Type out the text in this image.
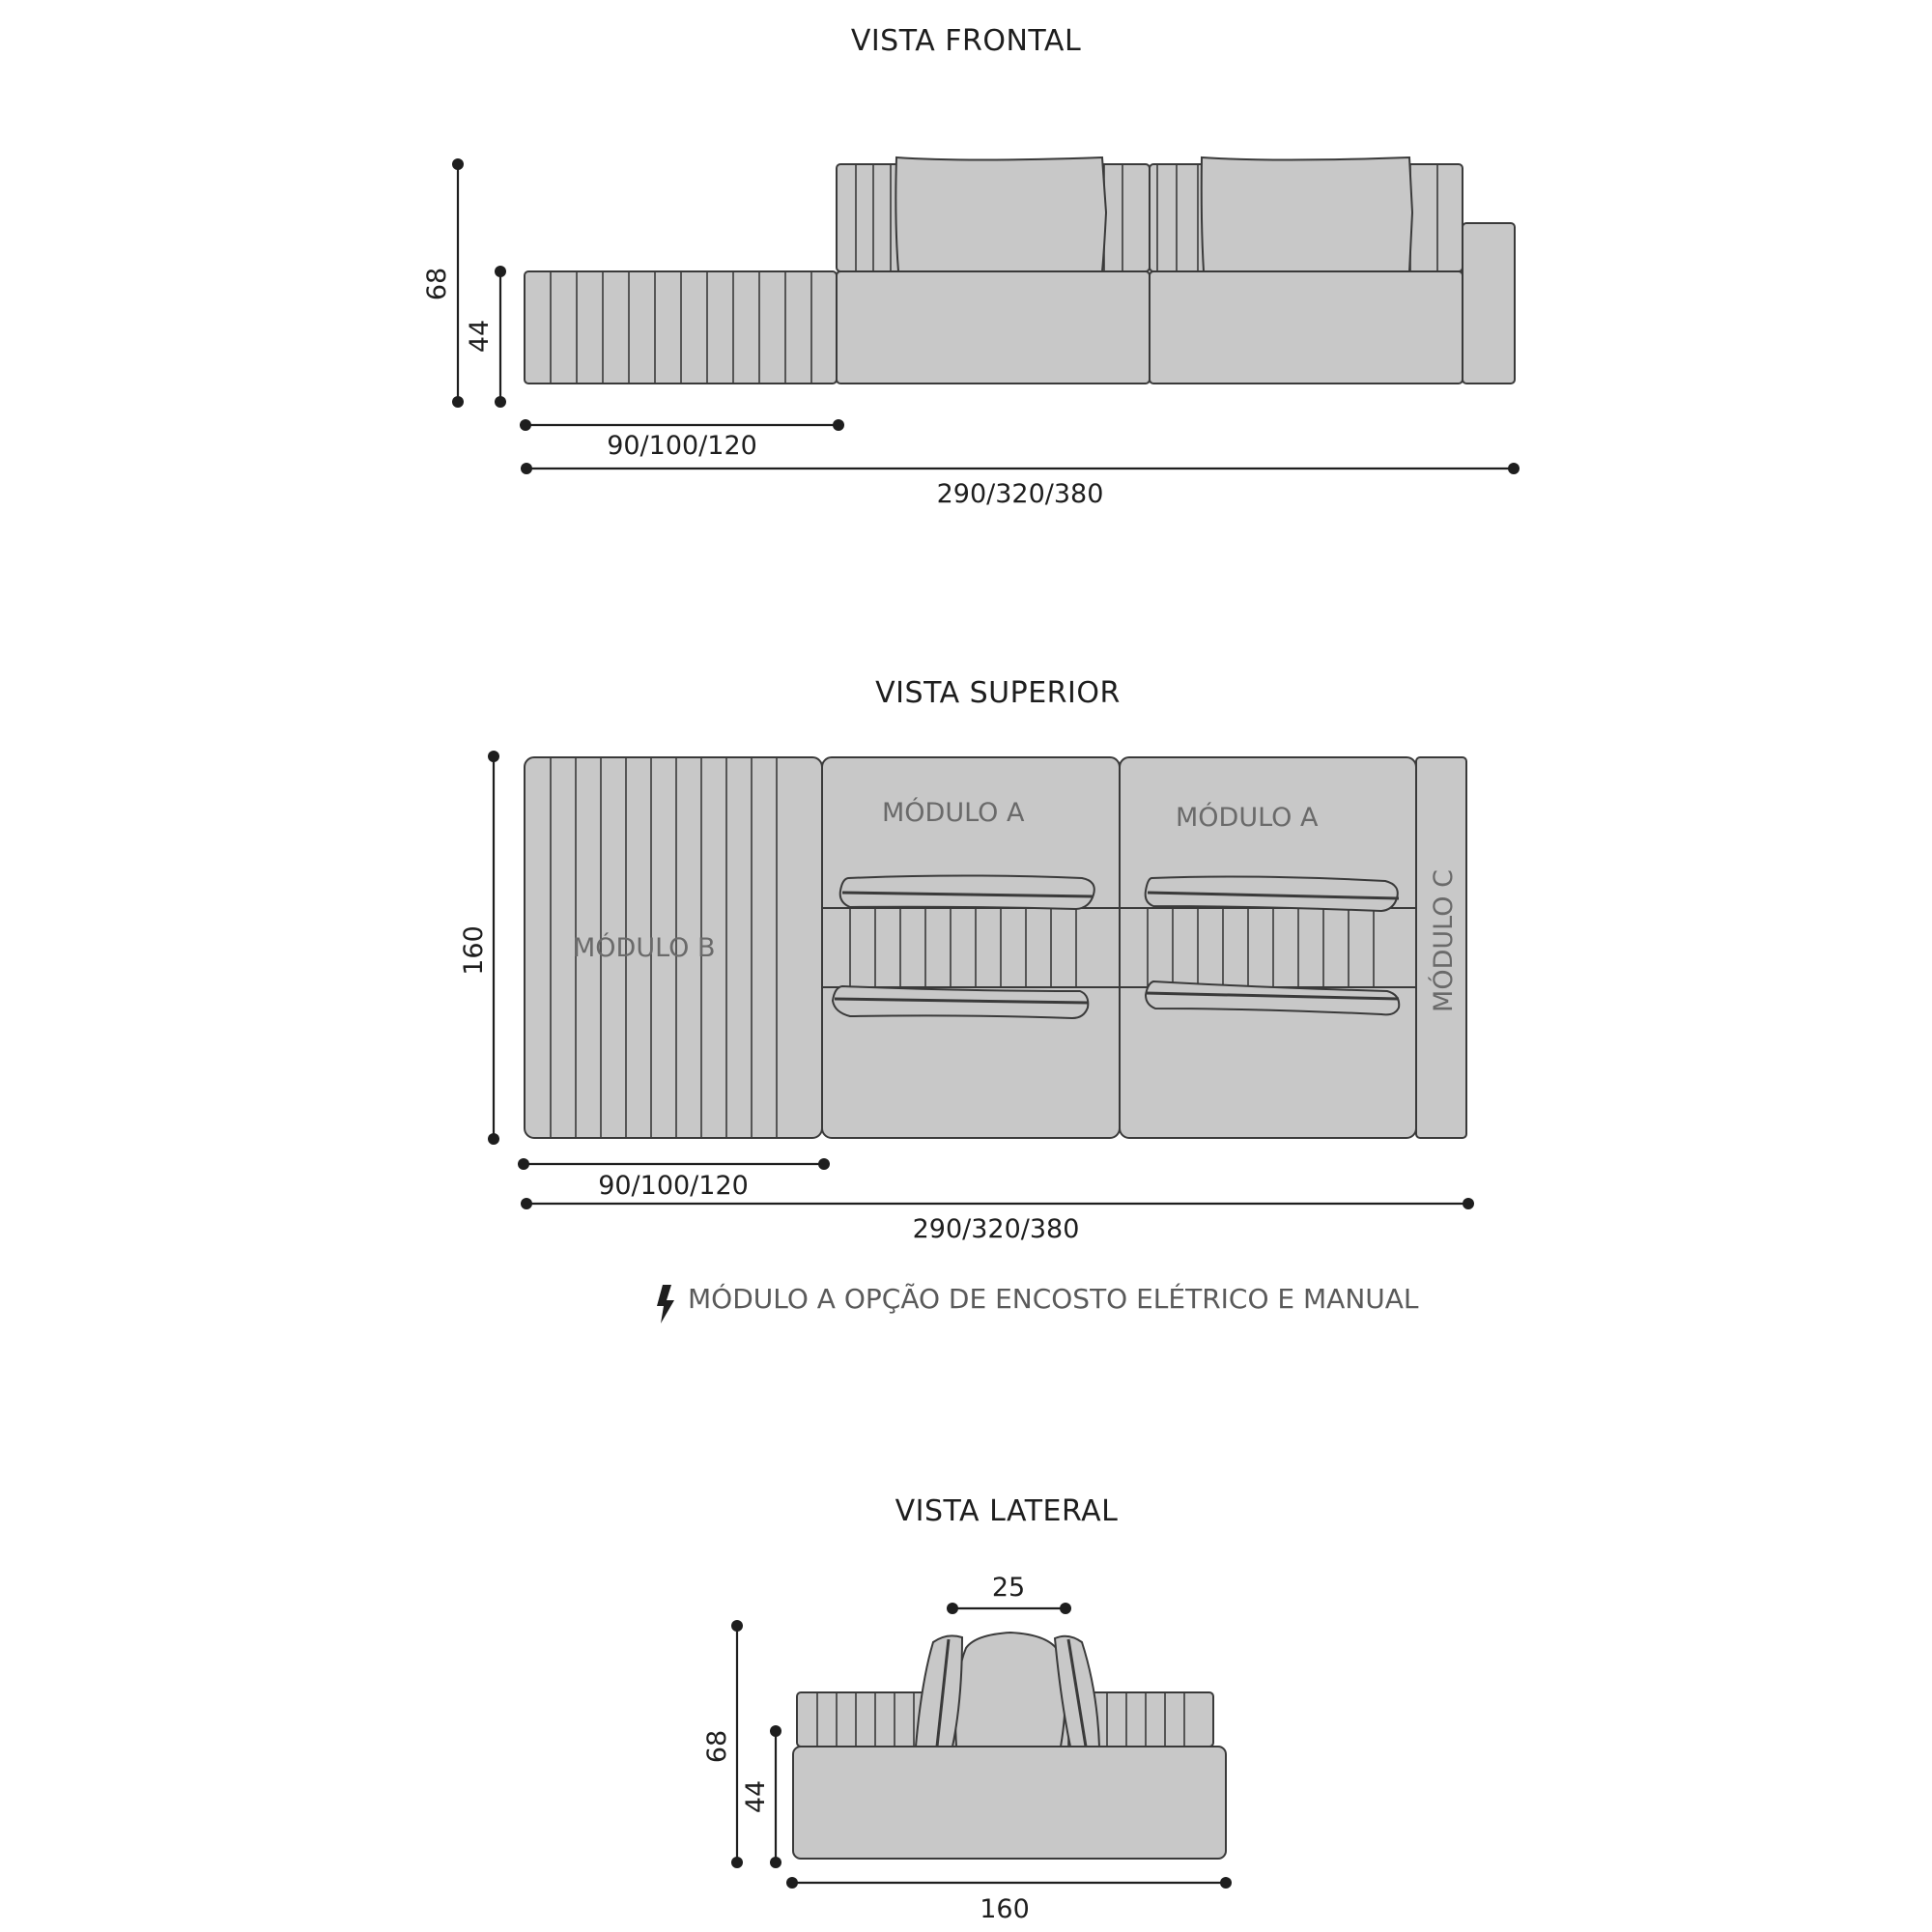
VISTA FRONTAL
68
44
90/100/120
290/320/380
VISTA SUPERIOR
MÓDULO B
MÓDULO A	MÓDULO A
MÓDULO C
160
90/100/120
290/320/380
MÓDULO A OPÇÃO DE ENCOSTO ELÉTRICO E MANUAL
VISTA LATERAL
25
68
44
160
